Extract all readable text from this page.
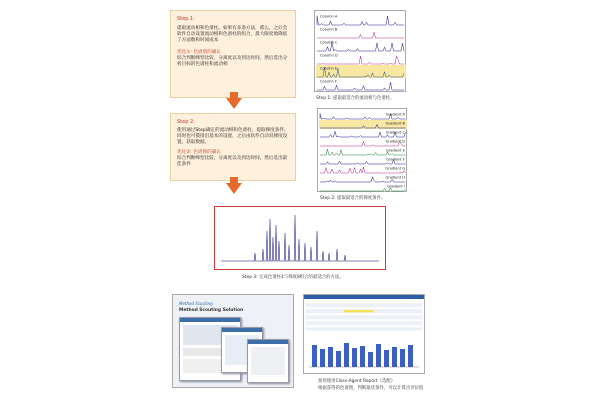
Step 1:
提取流动相和色谱柱。如果有多条方法，那么，之后会软件自动设置流动相和色谱柱的组合，最大限度地降低了方法数和时间成本
优化①: 色谱图的确认
综合判断峰型比较，分离度以及到达时间，然后选出分析目标的色谱柱和流动相
Step 2:
使用通过Step确定的流动相和色谱柱，提取梯度条件。同时也可摸排出基本的设置，之后由软件自动双梯度设置，获取数据。
优化②: 色谱图的确认
综合判断峰型比较，分离度以及到达时间，然后选出最佳条件
Column A
Column B
Column C
Column D
Column E
Column F
Step 1: 提取最适合的流动相与色谱柱。
Gradient A
Gradient B
Gradient C
Gradient D
Gradient E
Gradient F
Gradient G
Gradient H
Gradient I
Step 2: 提取最适合的梯度条件。
Step 3: 完成色谱柱4与梯度8组合的最适合的方法。
Method Scouting
Method Scouting Solution
加用使用Class-Agent Report（选配）
根据获得的色谱图，判断最优条件，可以计算出评价值
